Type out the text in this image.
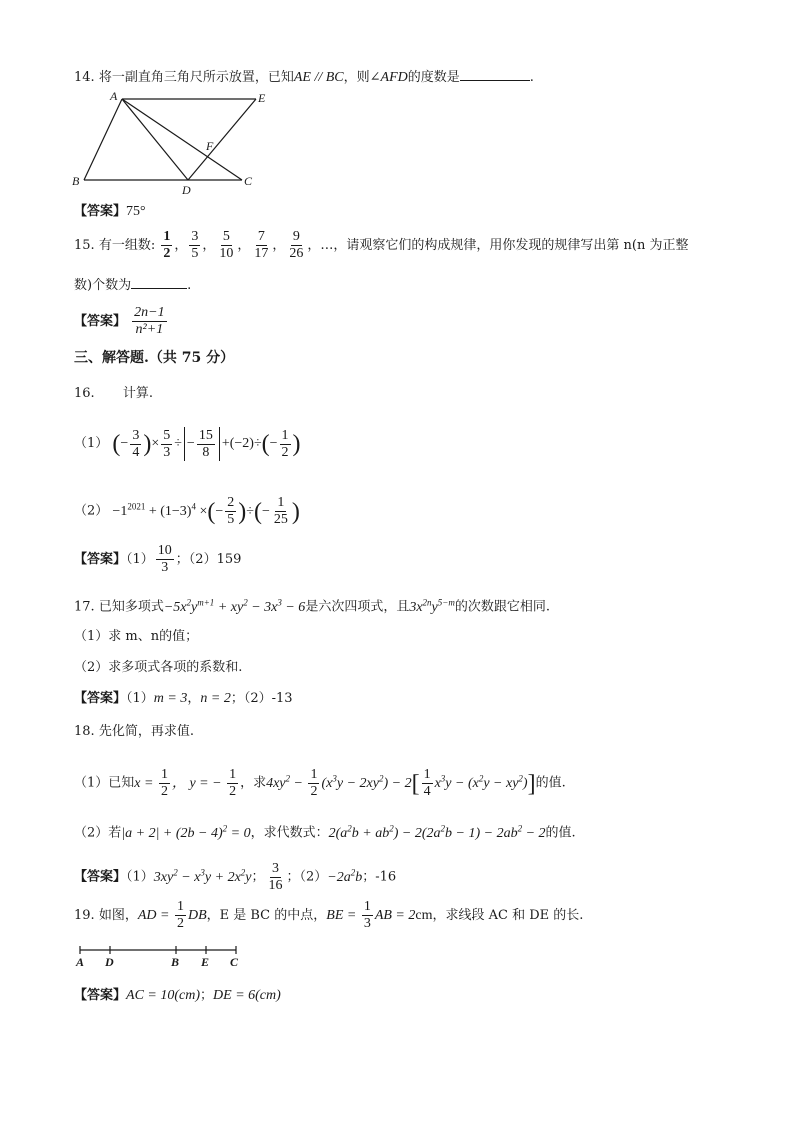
14. 将一副直角三角尺所示放置，已知AE // BC，则∠AFD的度数是	.
A	E
F
B
D
C
【答案】75°
15. 有一组数: $\frac{1}{2}$ ， $\frac{3}{5}$ ， $\frac{5}{10}$ ， $\frac{7}{17}$ ， $\frac{9}{26}$ ，…，请观察它们的构成规律，用你发现的规律写出第 n(n 为正整
数)个数为	.
【答案】 $\frac{2n-1}{\text{n²+1}}$
三、解答题.（共 75 分）
16. 计算.
（1） (− $\frac{3}{4}$ )× $\frac{5}{3}$ ÷ − $\frac{15}{8} +(-2)\div(- \frac{1}{2}$ )
$(2) -1^{2021} + (1-3)^4$ ×(− $\frac{2}{5}$ )÷(− $\frac{1}{25}$ )
【答案】$(1) \frac{10}{3}$ ；（2）159
17. 已知多项式$-5x^2y^{m+1} + xy^2 - 3x^3 - 6$是六次四项式，且$3x^{2n}y^{5-m}$的次数跟它相同.
（1）求 m、n的值；
（2）求多项式各项的系数和.
【答案】（1）m = 3，n = 2；（2）-13
18. 先化简，再求值.
（1）已知$x = \frac{1}{2}$ ， y = − $\frac{1}{2}$ ，求$4xy^2 - \frac{1}{2} (x^3y - 2xy^2) - 2[ \frac{1}{4} x^3y - (x^2y - xy^2)]$的值.
（2）若$|a + 2| + (2b - 4)^2 = 0$，求代数式：$2(a^2b + ab^2) - 2(2a^2b - 1) - 2ab^2 - 2$的值.
【答案】$(1)3xy^2 - x^3y + 2x^2y$； $\frac{3}{16}$ ；$(2)-2a^2b$；-16
19. 如图，AD = $\frac{1}{2}$ DB，E 是 BC 的中点，BE = $\frac{1}{3}$ AB = 2cm，求线段 AC 和 DE 的长.
A D	B E C
【答案】AC = 10(cm)；DE = 6(cm)
